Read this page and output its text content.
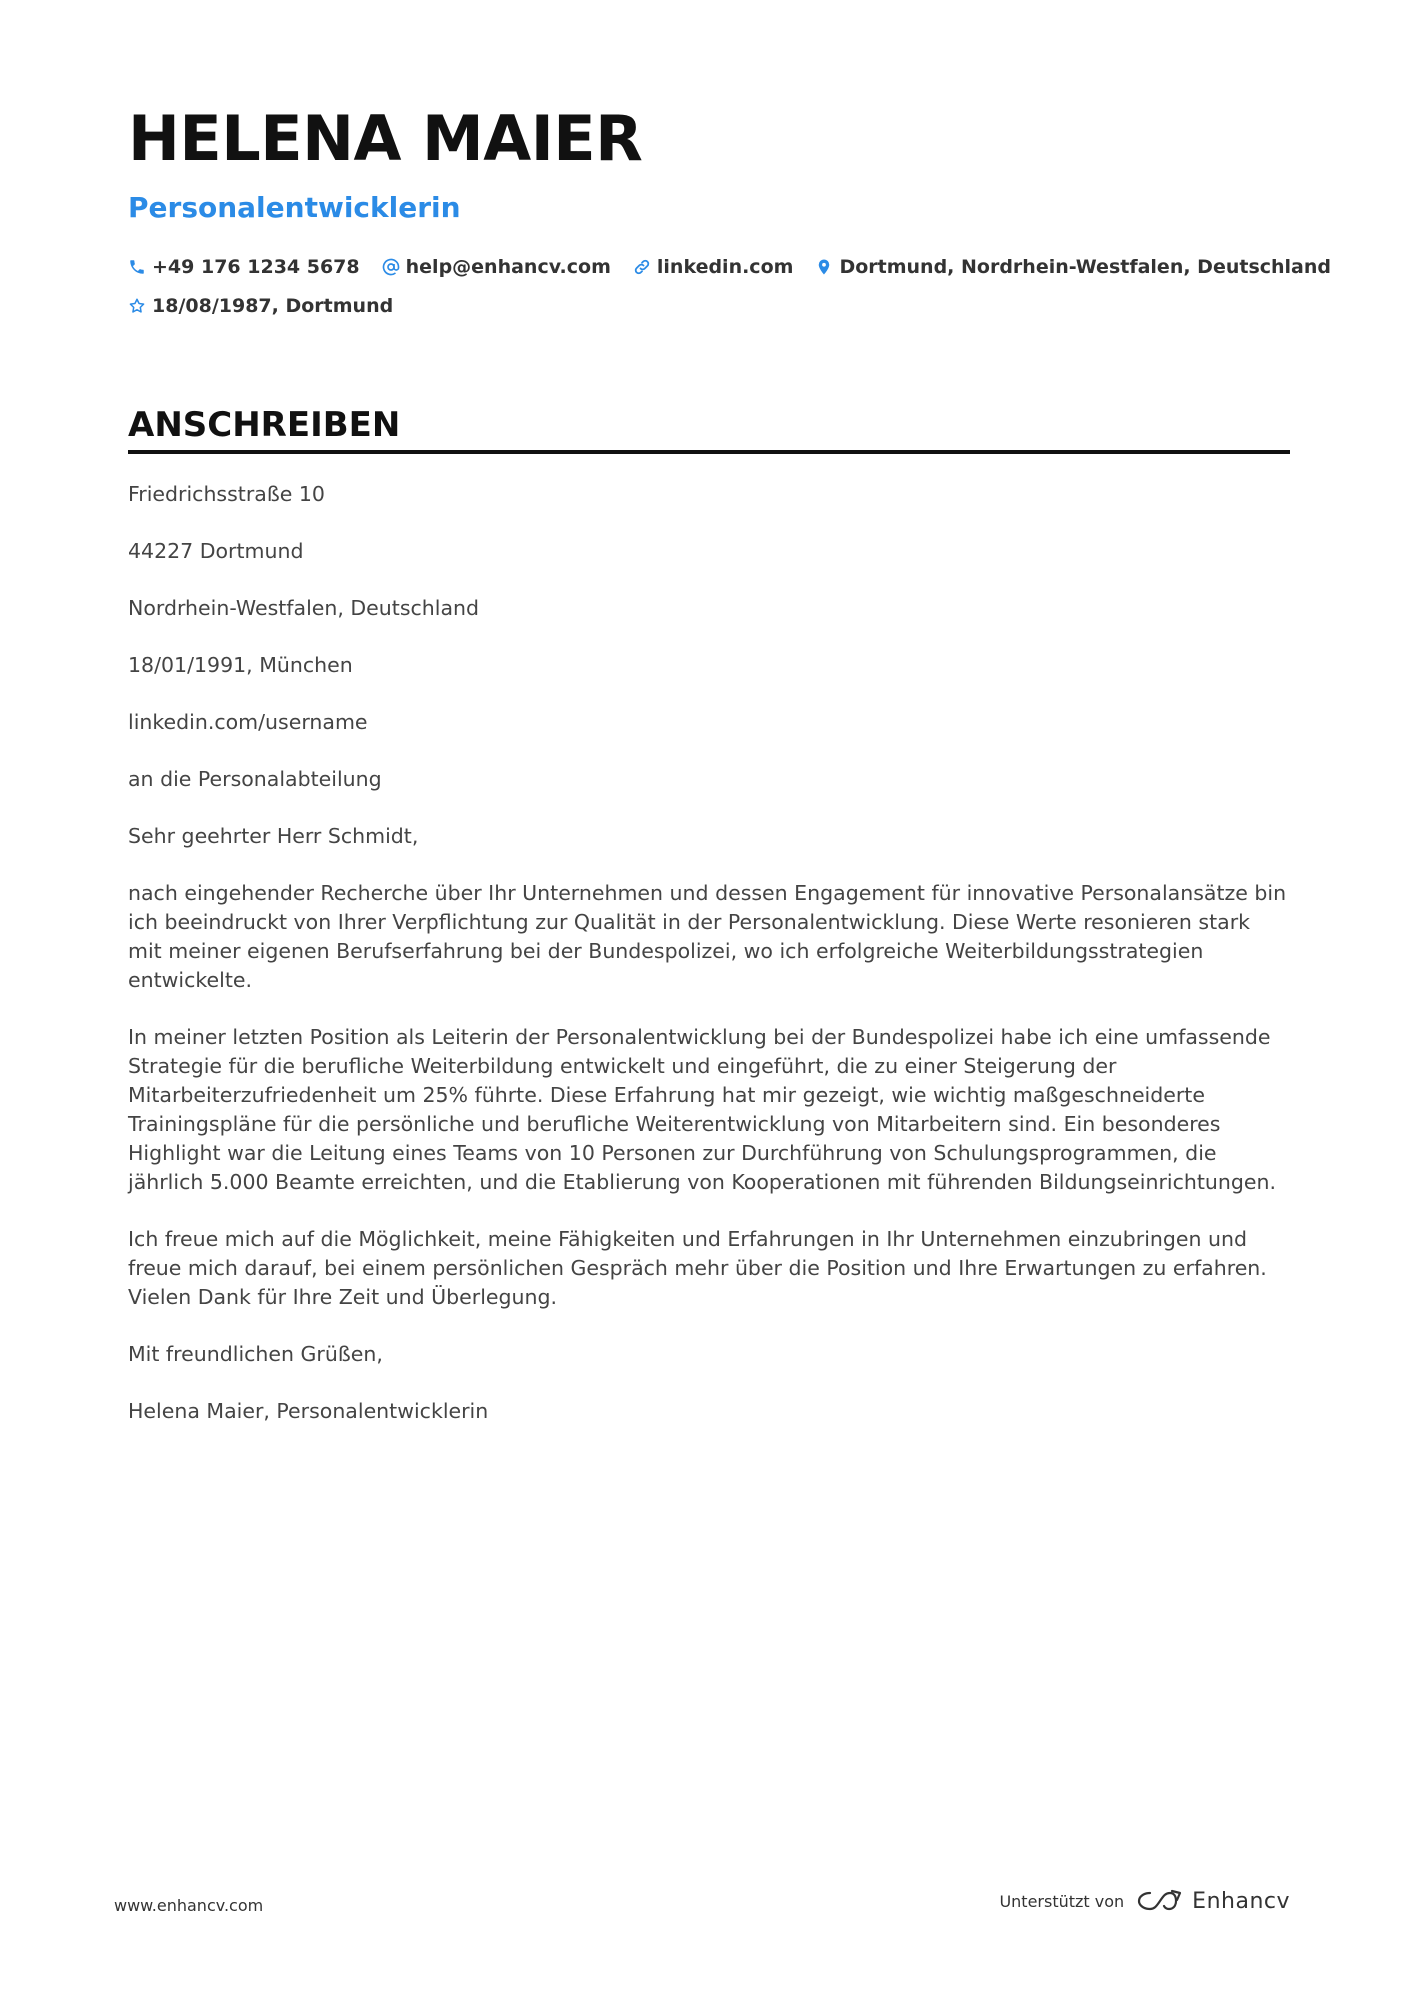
HELENA MAIER
Personalentwicklerin
+49 176 1234 5678 help@enhancv.com linkedin.com Dortmund, Nordrhein-Westfalen, Deutschland
18/08/1987, Dortmund
ANSCHREIBEN

Friedrichsstraße 10

44227 Dortmund

Nordrhein-Westfalen, Deutschland

18/01/1991, München

linkedin.com/username

an die Personalabteilung

Sehr geehrter Herr Schmidt,

nach eingehender Recherche über Ihr Unternehmen und dessen Engagement für innovative Personalansätze bin ich beeindruckt von Ihrer Verpflichtung zur Qualität in der Personalentwicklung. Diese Werte resonieren stark mit meiner eigenen Berufserfahrung bei der Bundespolizei, wo ich erfolgreiche Weiterbildungsstrategien entwickelte.

In meiner letzten Position als Leiterin der Personalentwicklung bei der Bundespolizei habe ich eine umfassende Strategie für die berufliche Weiterbildung entwickelt und eingeführt, die zu einer Steigerung der Mitarbeiterzufriedenheit um 25% führte. Diese Erfahrung hat mir gezeigt, wie wichtig maßgeschneiderte Trainingspläne für die persönliche und berufliche Weiterentwicklung von Mitarbeitern sind. Ein besonderes Highlight war die Leitung eines Teams von 10 Personen zur Durchführung von Schulungsprogrammen, die jährlich 5.000 Beamte erreichten, und die Etablierung von Kooperationen mit führenden Bildungseinrichtungen.

Ich freue mich auf die Möglichkeit, meine Fähigkeiten und Erfahrungen in Ihr Unternehmen einzubringen und freue mich darauf, bei einem persönlichen Gespräch mehr über die Position und Ihre Erwartungen zu erfahren. Vielen Dank für Ihre Zeit und Überlegung.

Mit freundlichen Grüßen,

Helena Maier, Personalentwicklerin

www.enhancv.com	Unterstützt von	Enhancv
